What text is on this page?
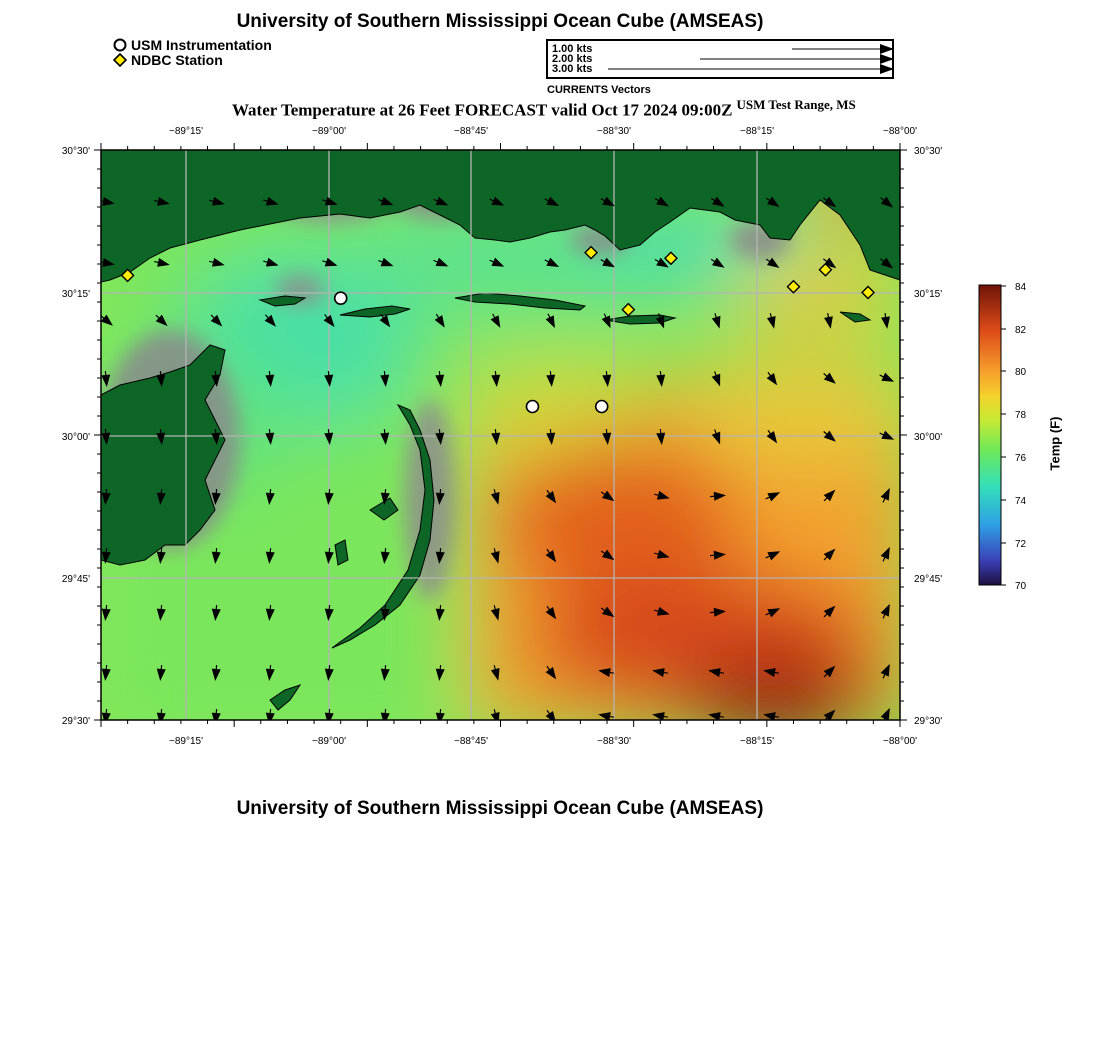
University of Southern Mississippi Ocean Cube (AMSEAS)
USM Instrumentation
NDBC Station
1.00 kts
2.00 kts
3.00 kts
CURRENTS Vectors
Water Temperature at 26 Feet FORECAST valid Oct 17 2024 09:00Z $^{USM Test Range, MS}$
−89°15'	−89°00'	−88°45'	−88°30'	−88°15'	−88°00'
−89°15'	−89°00'	−88°45'	−88°30'	−88°15'	−88°00'
30°30'
30°15'
30°00'
29°45'
29°30'
30°30'
30°15'
30°00'
29°45'
29°30'
84
82
80
78
76
74
72
70
Temp (F)
University of Southern Mississippi Ocean Cube (AMSEAS)
